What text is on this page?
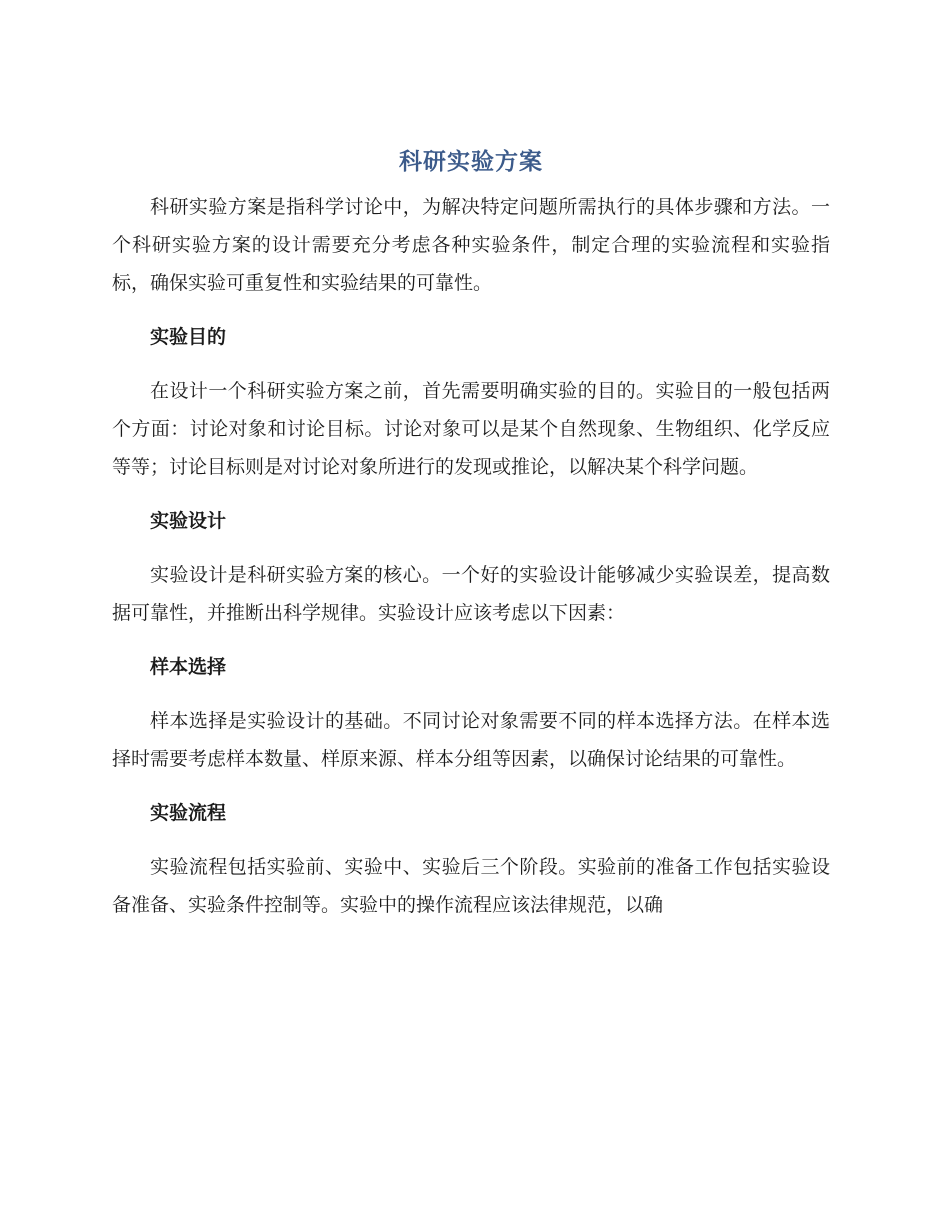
科研实验方案

科研实验方案是指科学讨论中，为解决特定问题所需执行的具体步骤和方法。一个科研实验方案的设计需要充分考虑各种实验条件，制定合理的实验流程和实验指标，确保实验可重复性和实验结果的可靠性。

实验目的

在设计一个科研实验方案之前，首先需要明确实验的目的。实验目的一般包括两个方面：讨论对象和讨论目标。讨论对象可以是某个自然现象、生物组织、化学反应等等；讨论目标则是对讨论对象所进行的发现或推论，以解决某个科学问题。

实验设计

实验设计是科研实验方案的核心。一个好的实验设计能够减少实验误差，提高数据可靠性，并推断出科学规律。实验设计应该考虑以下因素：

样本选择

样本选择是实验设计的基础。不同讨论对象需要不同的样本选择方法。在样本选择时需要考虑样本数量、样原来源、样本分组等因素，以确保讨论结果的可靠性。

实验流程

实验流程包括实验前、实验中、实验后三个阶段。实验前的准备工作包括实验设备准备、实验条件控制等。实验中的操作流程应该法律规范，以确
